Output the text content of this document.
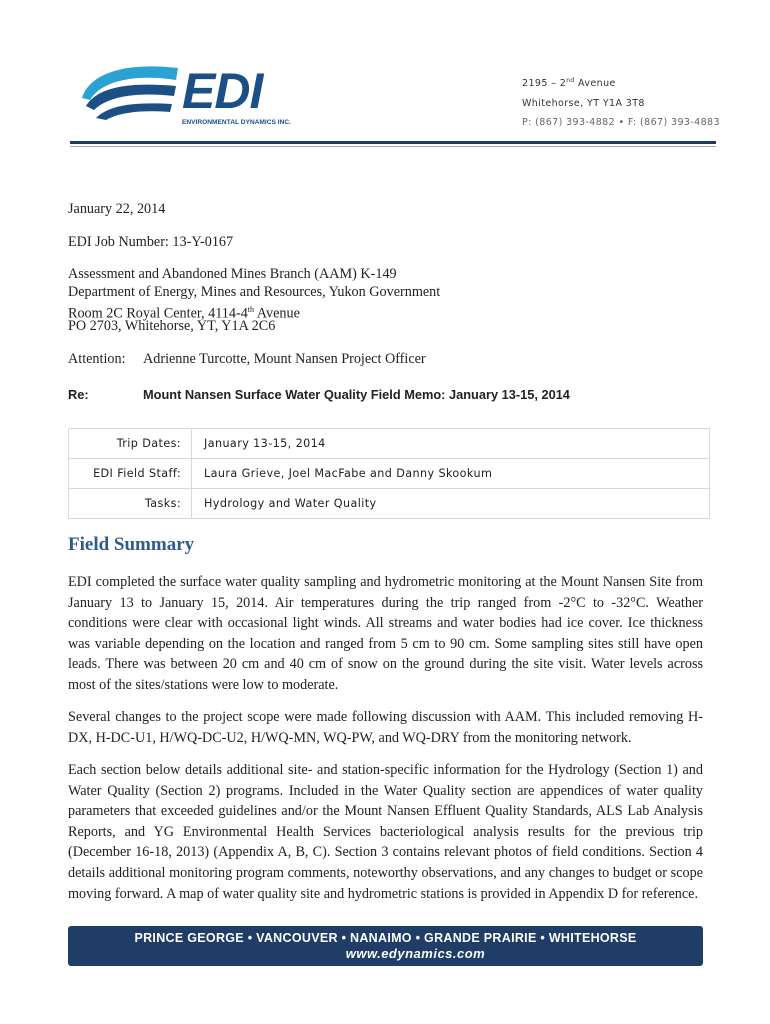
EDI
ENVIRONMENTAL DYNAMICS INC.
2195 – 2nd Avenue
Whitehorse, YT Y1A 3T8
P: (867) 393-4882 • F: (867) 393-4883
January 22, 2014
EDI Job Number: 13-Y-0167
Assessment and Abandoned Mines Branch (AAM) K-149
Department of Energy, Mines and Resources, Yukon Government
Room 2C Royal Center, 4114-4th Avenue
PO 2703, Whitehorse, YT, Y1A 2C6
Attention: Adrienne Turcotte, Mount Nansen Project Officer
Re:	Mount Nansen Surface Water Quality Field Memo: January 13-15, 2014
Trip Dates:	January 13-15, 2014
EDI Field Staff:	Laura Grieve, Joel MacFabe and Danny Skookum
Tasks:	Hydrology and Water Quality
Field Summary
EDI completed the surface water quality sampling and hydrometric monitoring at the Mount Nansen Site from January 13 to January 15, 2014. Air temperatures during the trip ranged from -2°C to -32°C. Weather conditions were clear with occasional light winds. All streams and water bodies had ice cover. Ice thickness was variable depending on the location and ranged from 5 cm to 90 cm. Some sampling sites still have open leads. There was between 20 cm and 40 cm of snow on the ground during the site visit. Water levels across most of the sites/stations were low to moderate.
Several changes to the project scope were made following discussion with AAM. This included removing H-DX, H-DC-U1, H/WQ-DC-U2, H/WQ-MN, WQ-PW, and WQ-DRY from the monitoring network.
Each section below details additional site- and station-specific information for the Hydrology (Section 1) and Water Quality (Section 2) programs. Included in the Water Quality section are appendices of water quality parameters that exceeded guidelines and/or the Mount Nansen Effluent Quality Standards, ALS Lab Analysis Reports, and YG Environmental Health Services bacteriological analysis results for the previous trip (December 16-18, 2013) (Appendix A, B, C). Section 3 contains relevant photos of field conditions. Section 4 details additional monitoring program comments, noteworthy observations, and any changes to budget or scope moving forward. A map of water quality site and hydrometric stations is provided in Appendix D for reference.
PRINCE GEORGE • VANCOUVER • NANAIMO • GRANDE PRAIRIE • WHITEHORSE
www.edynamics.com
